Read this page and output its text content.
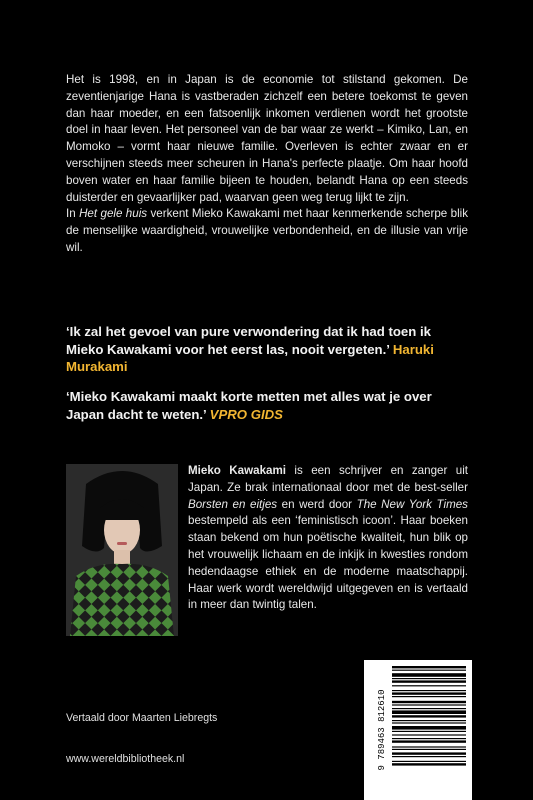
Het is 1998, en in Japan is de economie tot stilstand gekomen. De zeventienjarige Hana is vastberaden zichzelf een betere toekomst te geven dan haar moeder, en een fatsoenlijk inkomen verdienen wordt het grootste doel in haar leven. Het personeel van de bar waar ze werkt – Kimiko, Lan, en Momoko – vormt haar nieuwe familie. Overleven is echter zwaar en er verschijnen steeds meer scheuren in Hana's perfecte plaatje. Om haar hoofd boven water en haar familie bijeen te houden, belandt Hana op een steeds duisterder en gevaarlijker pad, waarvan geen weg terug lijkt te zijn.

In Het gele huis verkent Mieko Kawakami met haar kenmerkende scherpe blik de menselijke waardigheid, vrouwelijke verbondenheid, en de illusie van vrije wil.

‘Ik zal het gevoel van pure verwondering dat ik had toen ik Mieko Kawakami voor het eerst las, nooit vergeten.’ Haruki Murakami

‘Mieko Kawakami maakt korte metten met alles wat je over Japan dacht te weten.’ VPRO GIDS

Mieko Kawakami is een schrijver en zanger uit Japan. Ze brak internationaal door met de best-seller Borsten en eitjes en werd door The New York Times bestempeld als een ‘feministisch icoon’. Haar boeken staan bekend om hun poëtische kwaliteit, hun blik op het vrouwelijk lichaam en de inkijk in kwesties rondom hedendaagse ethiek en de moderne maatschappij. Haar werk wordt wereldwijd uitgegeven en is vertaald in meer dan twintig talen.

Vertaald door Maarten Liebregts
www.wereldbibliotheek.nl	9 789463 812610
